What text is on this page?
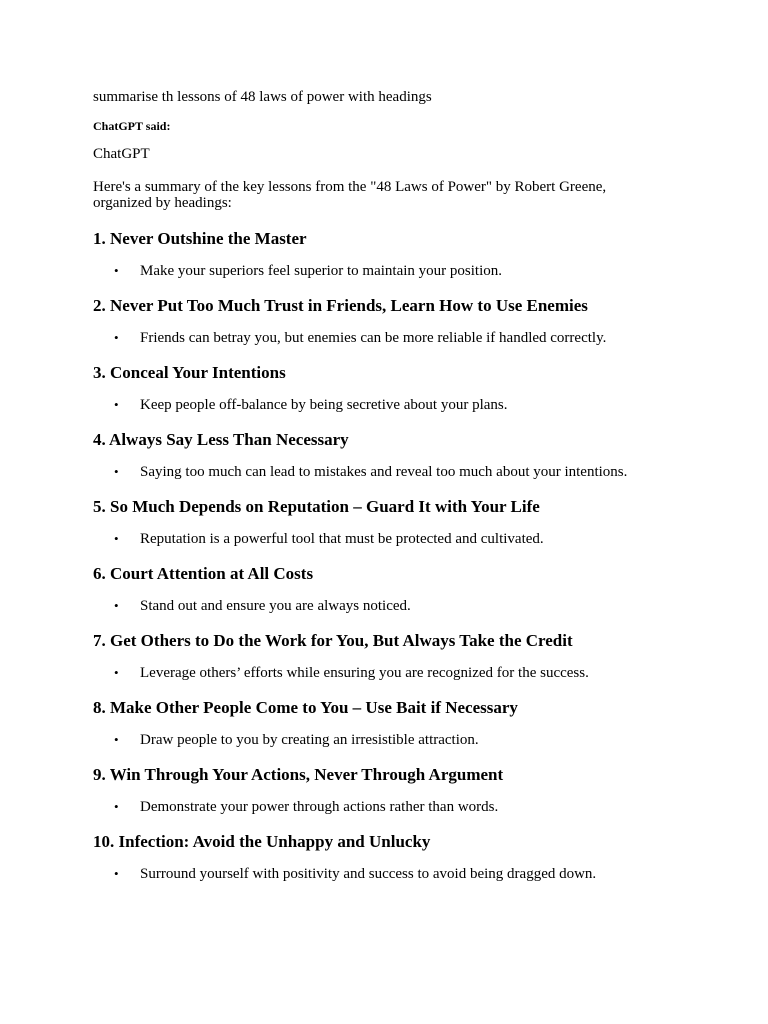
summarise th lessons of 48 laws of power with headings

ChatGPT said:

ChatGPT

Here's a summary of the key lessons from the "48 Laws of Power" by Robert Greene, organized by headings:

1. Never Outshine the Master
• Make your superiors feel superior to maintain your position.
2. Never Put Too Much Trust in Friends, Learn How to Use Enemies
• Friends can betray you, but enemies can be more reliable if handled correctly.
3. Conceal Your Intentions
• Keep people off-balance by being secretive about your plans.
4. Always Say Less Than Necessary
• Saying too much can lead to mistakes and reveal too much about your intentions.
5. So Much Depends on Reputation – Guard It with Your Life
• Reputation is a powerful tool that must be protected and cultivated.
6. Court Attention at All Costs
• Stand out and ensure you are always noticed.
7. Get Others to Do the Work for You, But Always Take the Credit
• Leverage others’ efforts while ensuring you are recognized for the success.
8. Make Other People Come to You – Use Bait if Necessary
• Draw people to you by creating an irresistible attraction.
9. Win Through Your Actions, Never Through Argument
• Demonstrate your power through actions rather than words.
10. Infection: Avoid the Unhappy and Unlucky
• Surround yourself with positivity and success to avoid being dragged down.
